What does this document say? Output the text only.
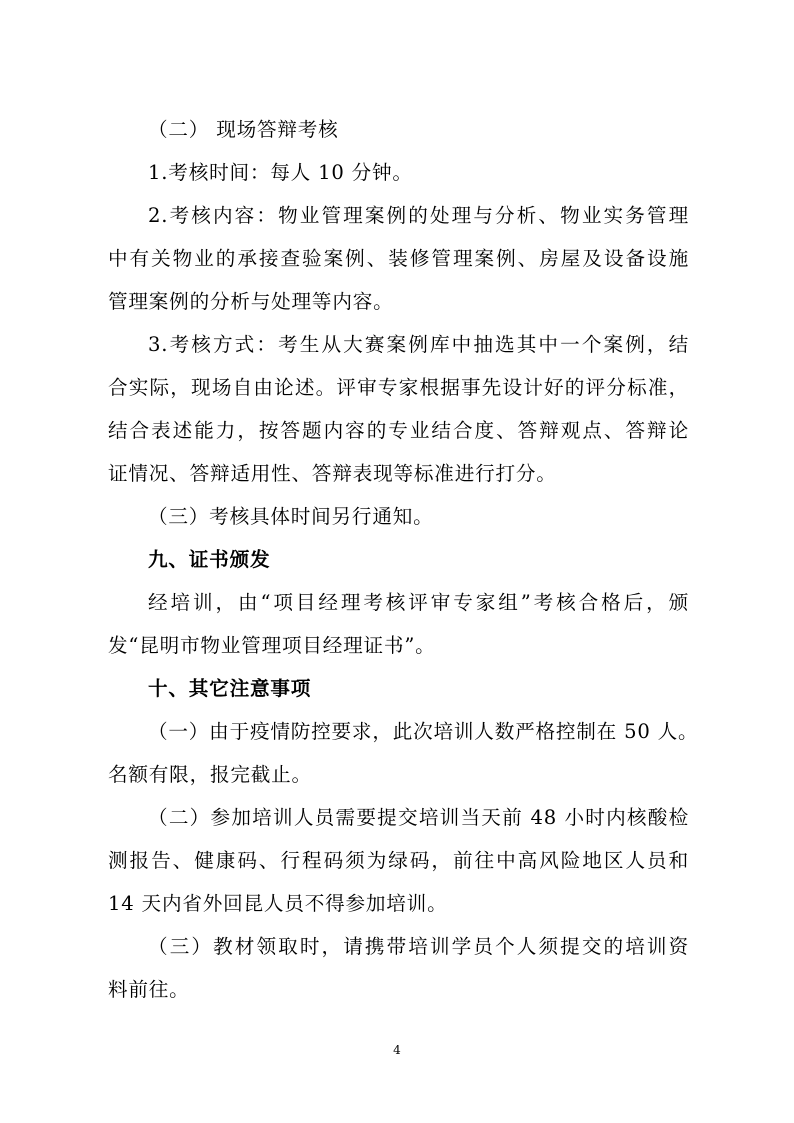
（二） 现场答辩考核
1.考核时间：每人 10 分钟。
2.考核内容：物业管理案例的处理与分析、物业实务管理
中有关物业的承接查验案例、装修管理案例、房屋及设备设施
管理案例的分析与处理等内容。
3.考核方式：考生从大赛案例库中抽选其中一个案例，结
合实际，现场自由论述。评审专家根据事先设计好的评分标准，
结合表述能力，按答题内容的专业结合度、答辩观点、答辩论
证情况、答辩适用性、答辩表现等标准进行打分。
（三）考核具体时间另行通知。
九、证书颁发
经培训，由“项目经理考核评审专家组”考核合格后，颁
发“昆明市物业管理项目经理证书”。
十、其它注意事项
（一）由于疫情防控要求，此次培训人数严格控制在 50 人。
名额有限，报完截止。
（二）参加培训人员需要提交培训当天前 48 小时内核酸检
测报告、健康码、行程码须为绿码，前往中高风险地区人员和
14 天内省外回昆人员不得参加培训。
（三）教材领取时，请携带培训学员个人须提交的培训资
料前往。
4
